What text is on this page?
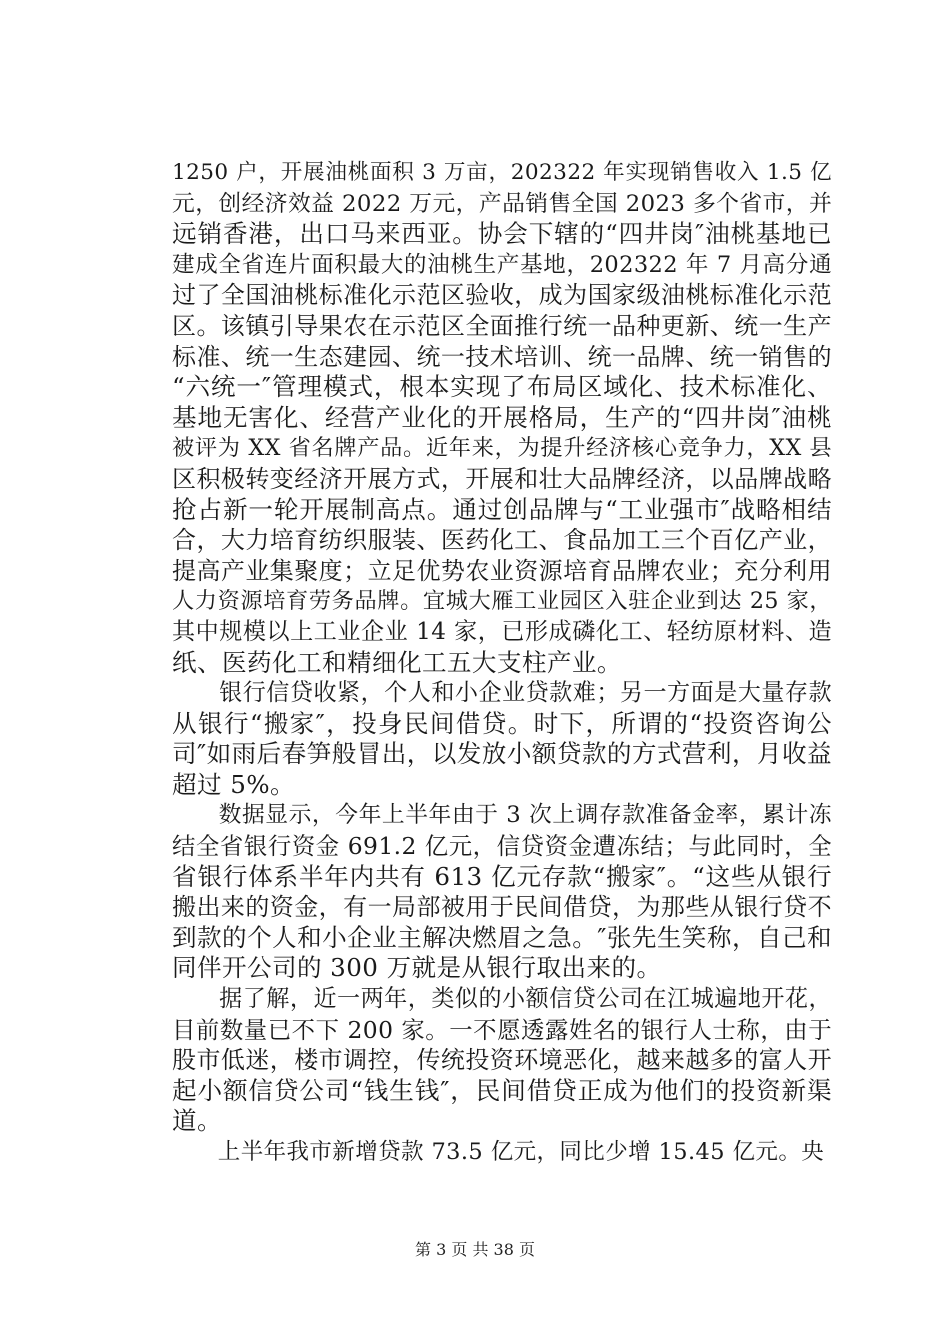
1250 户，开展油桃面积 3 万亩，202322 年实现销售收入 1.5 亿
元，创经济效益 2022 万元，产品销售全国 2023 多个省市，并
远销香港，出口马来西亚。协会下辖的“四井岗″油桃基地已
建成全省连片面积最大的油桃生产基地，202322 年 7 月高分通
过了全国油桃标准化示范区验收，成为国家级油桃标准化示范
区。该镇引导果农在示范区全面推行统一品种更新、统一生产
标准、统一生态建园、统一技术培训、统一品牌、统一销售的
“六统一″管理模式，根本实现了布局区域化、技术标准化、
基地无害化、经营产业化的开展格局，生产的“四井岗″油桃
被评为 XX 省名牌产品。近年来，为提升经济核心竞争力，XX 县
区积极转变经济开展方式，开展和壮大品牌经济，以品牌战略
抢占新一轮开展制高点。通过创品牌与“工业强市″战略相结
合，大力培育纺织服装、医药化工、食品加工三个百亿产业，
提高产业集聚度；立足优势农业资源培育品牌农业；充分利用
人力资源培育劳务品牌。宜城大雁工业园区入驻企业到达 25 家，
其中规模以上工业企业 14 家，已形成磷化工、轻纺原材料、造
纸、医药化工和精细化工五大支柱产业。
　　银行信贷收紧，个人和小企业贷款难；另一方面是大量存款
从银行“搬家″，投身民间借贷。时下，所谓的“投资咨询公
司″如雨后春笋般冒出，以发放小额贷款的方式营利，月收益
超过 5%。
　　数据显示，今年上半年由于 3 次上调存款准备金率，累计冻
结全省银行资金 691.2 亿元，信贷资金遭冻结；与此同时，全
省银行体系半年内共有 613 亿元存款“搬家″。“这些从银行
搬出来的资金，有一局部被用于民间借贷，为那些从银行贷不
到款的个人和小企业主解决燃眉之急。″张先生笑称，自己和
同伴开公司的 300 万就是从银行取出来的。
　　据了解，近一两年，类似的小额信贷公司在江城遍地开花，
目前数量已不下 200 家。一不愿透露姓名的银行人士称，由于
股市低迷，楼市调控，传统投资环境恶化，越来越多的富人开
起小额信贷公司“钱生钱″，民间借贷正成为他们的投资新渠
道。
　　上半年我市新增贷款 73.5 亿元，同比少增 15.45 亿元。央
第 3 页 共 38 页
